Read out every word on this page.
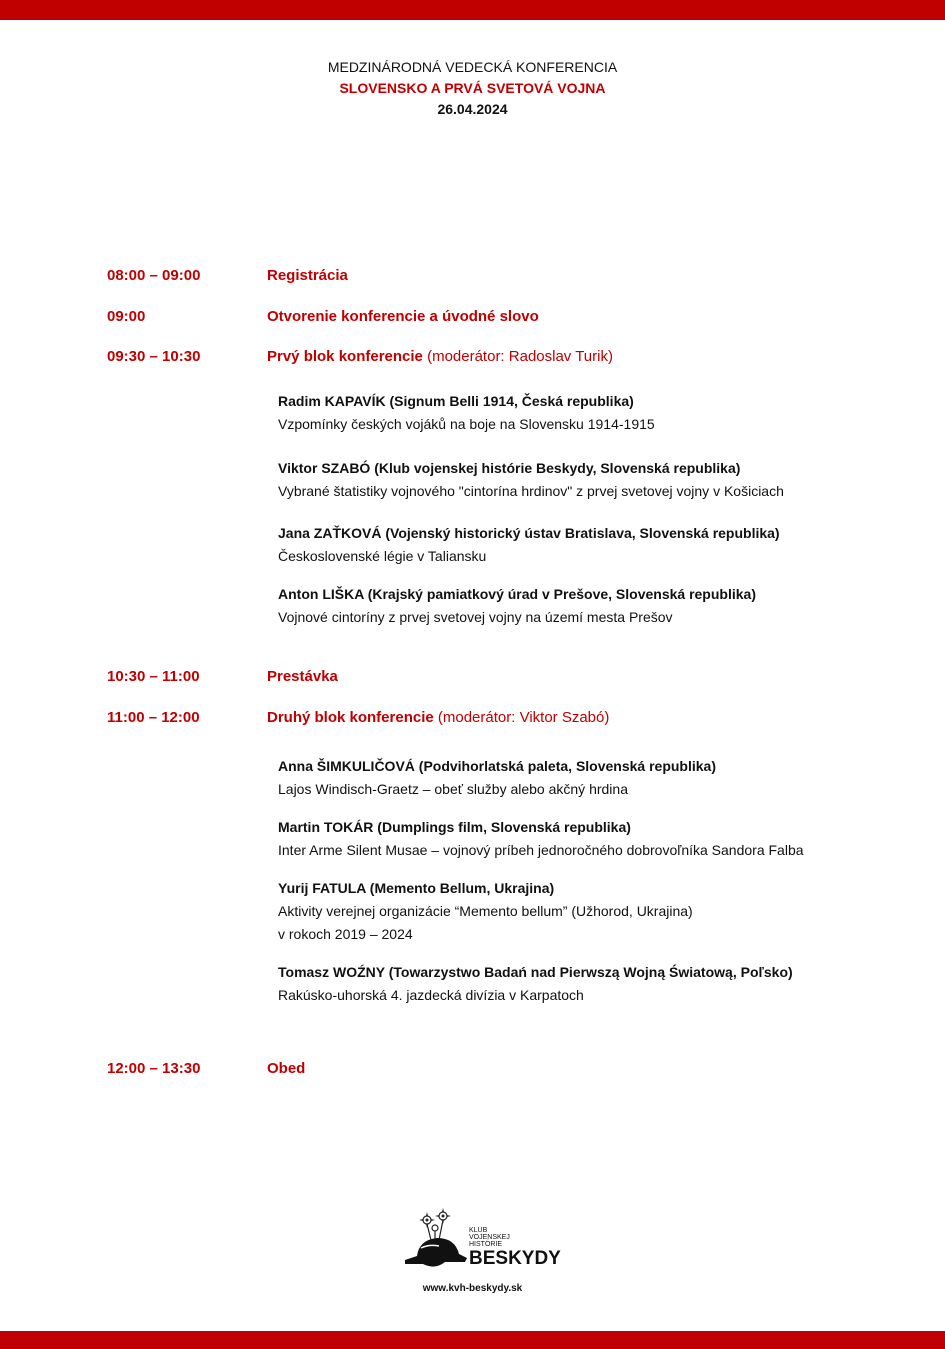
MEDZINÁRODNÁ VEDECKÁ KONFERENCIA
SLOVENSKO A PRVÁ SVETOVÁ VOJNA
26.04.2024
08:00 – 09:00	Registrácia
09:00	Otvorenie konferencie a úvodné slovo
09:30 – 10:30	Prvý blok konferencie (moderátor: Radoslav Turik)
Radim KAPAVÍK (Signum Belli 1914, Česká republika)
Vzpomínky českých vojáků na boje na Slovensku 1914-1915
Viktor SZABÓ (Klub vojenskej histórie Beskydy, Slovenská republika)
Vybrané štatistiky vojnového "cintorína hrdinov" z prvej svetovej vojny v Košiciach
Jana ZAŤKOVÁ (Vojenský historický ústav Bratislava, Slovenská republika)
Československé légie v Taliansku
Anton LIŠKA (Krajský pamiatkový úrad v Prešove, Slovenská republika)
Vojnové cintoríny z prvej svetovej vojny na území mesta Prešov
10:30 – 11:00	Prestávka
11:00 – 12:00	Druhý blok konferencie (moderátor: Viktor Szabó)
Anna ŠIMKULIČOVÁ (Podvihorlatská paleta, Slovenská republika)
Lajos Windisch-Graetz – obeť služby alebo akčný hrdina
Martin TOKÁR (Dumplings film, Slovenská republika)
Inter Arme Silent Musae – vojnový príbeh jednoročného dobrovoľníka Sandora Falba
Yurij FATULA (Memento Bellum, Ukrajina)
Aktivity verejnej organizácie “Memento bellum” (Užhorod, Ukrajina)
v rokoch 2019 – 2024
Tomasz WOŹNY (Towarzystwo Badań nad Pierwszą Wojną Światową, Poľsko)
Rakúsko-uhorská 4. jazdecká divízia v Karpatoch
12:00 – 13:30	Obed
KLUB
VOJENSKEJ
HISTÓRIE
BESKYDY
www.kvh-beskydy.sk
